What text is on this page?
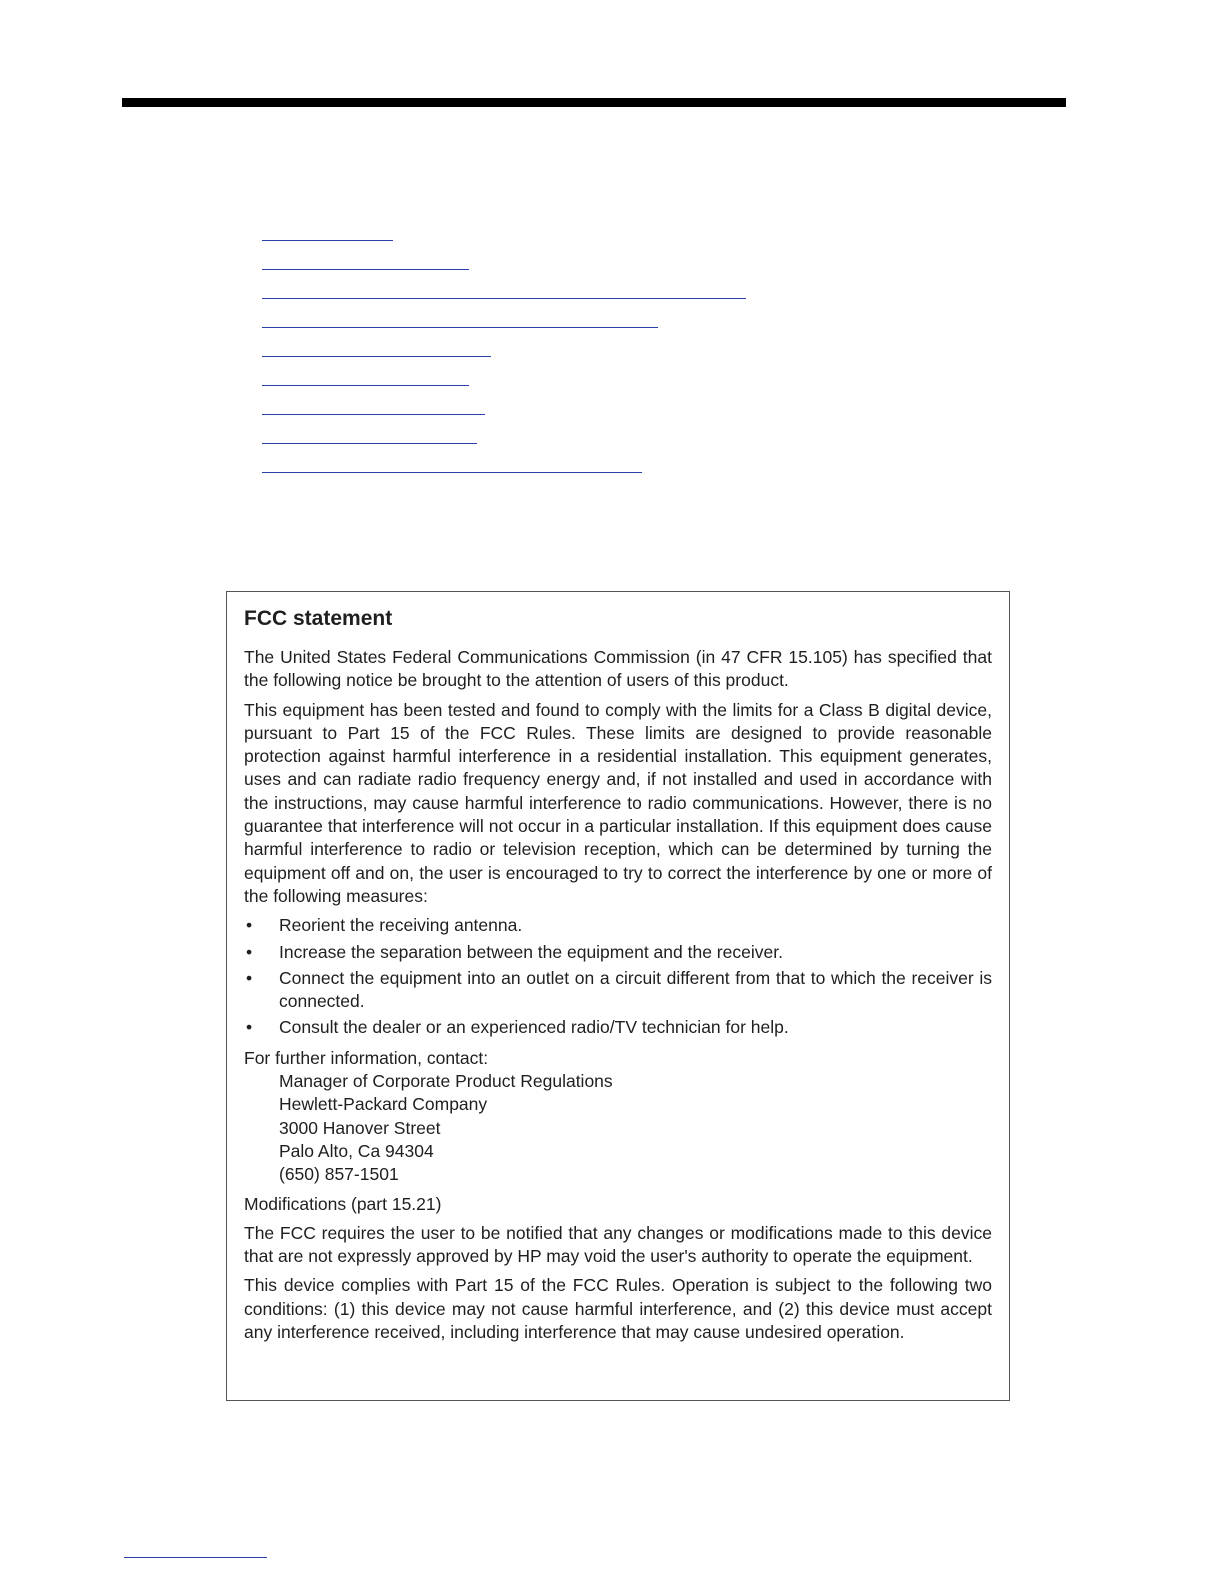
FCC statement

The United States Federal Communications Commission (in 47 CFR 15.105) has specified that the following notice be brought to the attention of users of this product.

This equipment has been tested and found to comply with the limits for a Class B digital device, pursuant to Part 15 of the FCC Rules. These limits are designed to provide reasonable protection against harmful interference in a residential installation. This equipment generates, uses and can radiate radio frequency energy and, if not installed and used in accordance with the instructions, may cause harmful interference to radio communications. However, there is no guarantee that interference will not occur in a particular installation. If this equipment does cause harmful interference to radio or television reception, which can be determined by turning the equipment off and on, the user is encouraged to try to correct the interference by one or more of the following measures:

• Reorient the receiving antenna.
• Increase the separation between the equipment and the receiver.
• Connect the equipment into an outlet on a circuit different from that to which the receiver is connected.
• Consult the dealer or an experienced radio/TV technician for help.

For further information, contact:

Manager of Corporate Product Regulations
Hewlett-Packard Company
3000 Hanover Street
Palo Alto, Ca 94304
(650) 857-1501

Modifications (part 15.21)

The FCC requires the user to be notified that any changes or modifications made to this device that are not expressly approved by HP may void the user's authority to operate the equipment.

This device complies with Part 15 of the FCC Rules. Operation is subject to the following two conditions: (1) this device may not cause harmful interference, and (2) this device must accept any interference received, including interference that may cause undesired operation.
